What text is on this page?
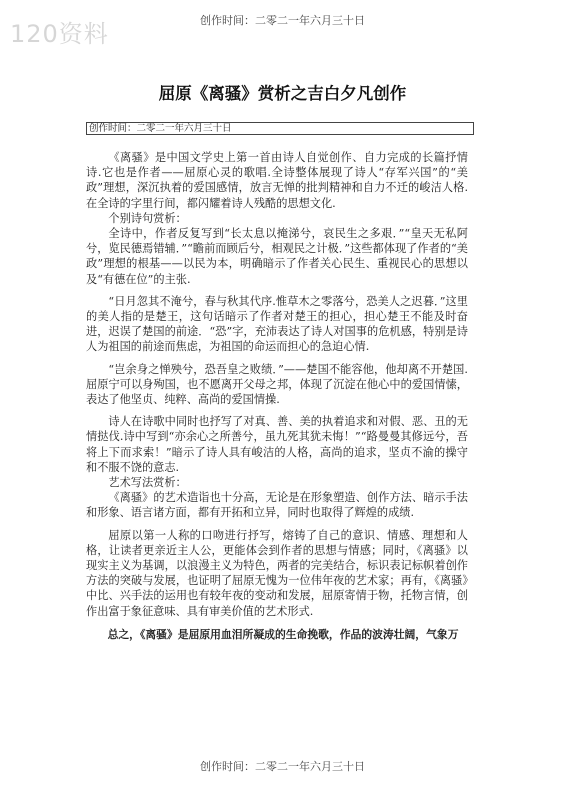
120资料	创作时间：二零二一年六月三十日
屈原《离骚》赏析之吉白夕凡创作
创作时间：二零二一年六月三十日

《离骚》是中国文学史上第一首由诗人自觉创作、自力完成的长篇抒情诗.它也是作者——屈原心灵的歌唱.全诗整体展现了诗人“存军兴国”的“美政”理想，深沉执着的爱国感情，放言无惮的批判精神和自力不迁的峻洁人格.在全诗的字里行间，都闪耀着诗人残酷的思想文化.

个别诗句赏析：

全诗中，作者反复写到“长太息以掩涕兮，哀民生之多艰．”“皇天无私阿兮，览民德焉错辅．”“瞻前而顾后兮，相观民之计极．”这些都体现了作者的“美政”理想的根基——以民为本，明确暗示了作者关心民生、重视民心的思想以及“有德在位”的主张.

“日月忽其不淹兮，春与秋其代序.惟草木之零落兮，恐美人之迟暮．”这里的美人指的是楚王，这句话暗示了作者对楚王的担心，担心楚王不能及时奋进，迟误了楚国的前途．“恐”字，充沛表达了诗人对国事的危机感，特别是诗人为祖国的前途而焦虑，为祖国的命运而担心的急迫心情.

“岂余身之惮殃兮，恐吾皇之败绩．”——楚国不能容他，他却离不开楚国.屈原宁可以身殉国，也不愿离开父母之邦，体现了沉淀在他心中的爱国情愫，表达了他坚贞、纯粹、高尚的爱国情操.

诗人在诗歌中同时也抒写了对真、善、美的执着追求和对假、恶、丑的无情挞伐.诗中写到“亦余心之所善兮，虽九死其犹未悔！”“路曼曼其修远兮，吾将上下而求索！”暗示了诗人具有峻洁的人格，高尚的追求，坚贞不渝的操守和不服不饶的意志.

艺术写法赏析：

《离骚》的艺术造诣也十分高，无论是在形象塑造、创作方法、暗示手法和形象、语言诸方面，都有开拓和立异，同时也取得了辉煌的成绩.

屈原以第一人称的口吻进行抒写，熔铸了自己的意识、情感、理想和人格，让读者更亲近主人公，更能体会到作者的思想与情感；同时，《离骚》以现实主义为基调，以浪漫主义为特色，两者的完美结合，标识表记标帜着创作方法的突破与发展，也证明了屈原无愧为一位伟年夜的艺术家；再有，《离骚》中比、兴手法的运用也有较年夜的变动和发展，屈原寄情于物，托物言情，创作出富于象征意味、具有审美价值的艺术形式.

总之，《离骚》是屈原用血泪所凝成的生命挽歌，作品的波涛壮阔，气象万

创作时间：二零二一年六月三十日
